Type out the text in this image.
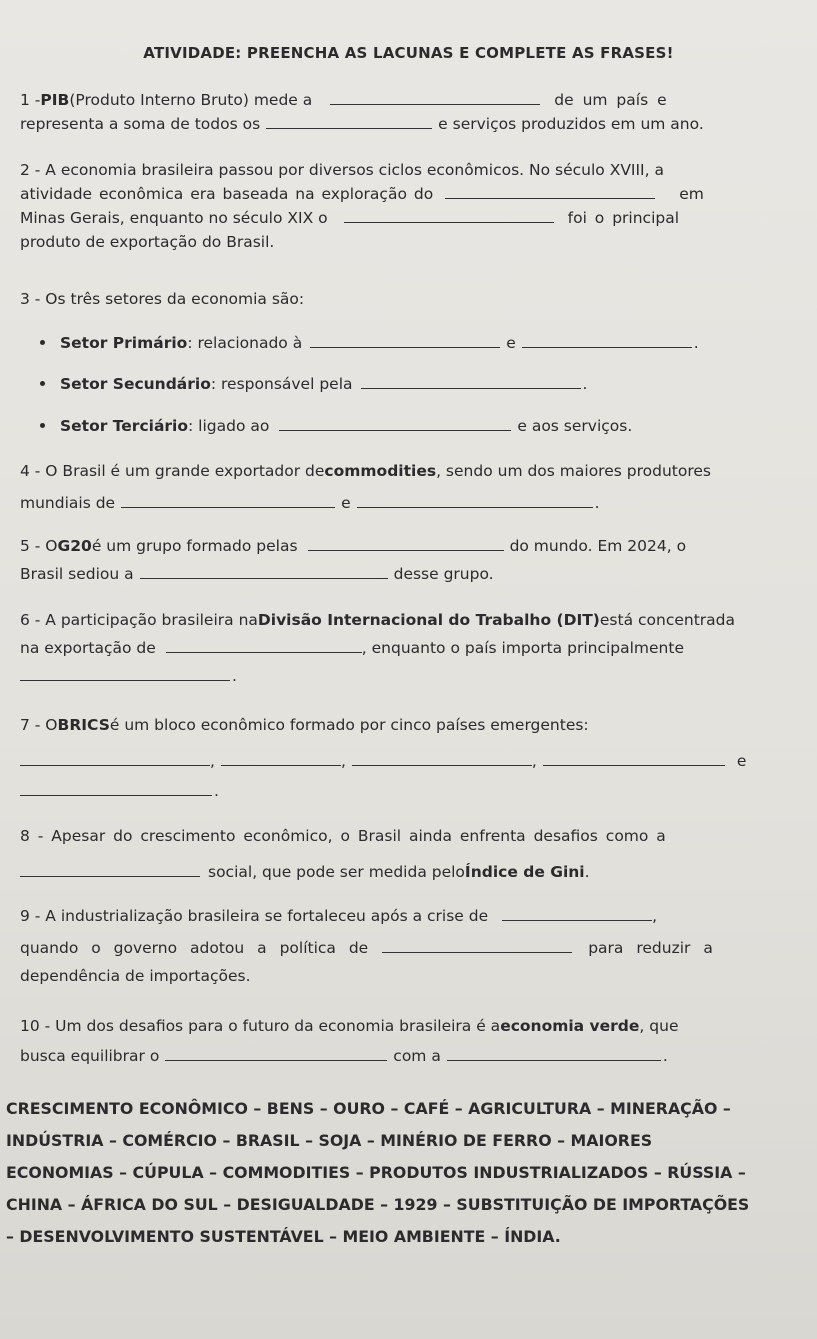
ATIVIDADE: PREENCHA AS LACUNAS E COMPLETE AS FRASES!
1 - PIB (Produto Interno Bruto) mede a	de um país e
representa a soma de todos os	e serviços produzidos em um ano.
2 - A economia brasileira passou por diversos ciclos econômicos. No século XVIII, a
atividade econômica era baseada na exploração do	em
Minas Gerais, enquanto no século XIX o	foi o principal
produto de exportação do Brasil.
3 - Os três setores da economia são:
Setor Primário : relacionado à	e	.
Setor Secundário : responsável pela	.
Setor Terciário : ligado ao	e aos serviços.
4 - O Brasil é um grande exportador de commodities , sendo um dos maiores produtores
mundiais de	e	.
5 - O G20 é um grupo formado pelas	do mundo. Em 2024, o
Brasil sediou a	desse grupo.
6 - A participação brasileira na Divisão Internacional do Trabalho (DIT) está concentrada
na exportação de	, enquanto o país importa principalmente
.
7 - O BRICS é um bloco econômico formado por cinco países emergentes:
,	,	,	e
.
8 - Apesar do crescimento econômico, o Brasil ainda enfrenta desafios como a
social, que pode ser medida pelo Índice de Gini .
9 - A industrialização brasileira se fortaleceu após a crise de	,
quando o governo adotou a política de	para reduzir a
dependência de importações.
10 - Um dos desafios para o futuro da economia brasileira é a economia verde , que
busca equilibrar o	com a	.
CRESCIMENTO ECONÔMICO – BENS – OURO – CAFÉ – AGRICULTURA – MINERAÇÃO –
INDÚSTRIA – COMÉRCIO – BRASIL – SOJA – MINÉRIO DE FERRO – MAIORES
ECONOMIAS – CÚPULA – COMMODITIES – PRODUTOS INDUSTRIALIZADOS – RÚSSIA –
CHINA – ÁFRICA DO SUL – DESIGUALDADE – 1929 – SUBSTITUIÇÃO DE IMPORTAÇÕES
– DESENVOLVIMENTO SUSTENTÁVEL – MEIO AMBIENTE – ÍNDIA.
